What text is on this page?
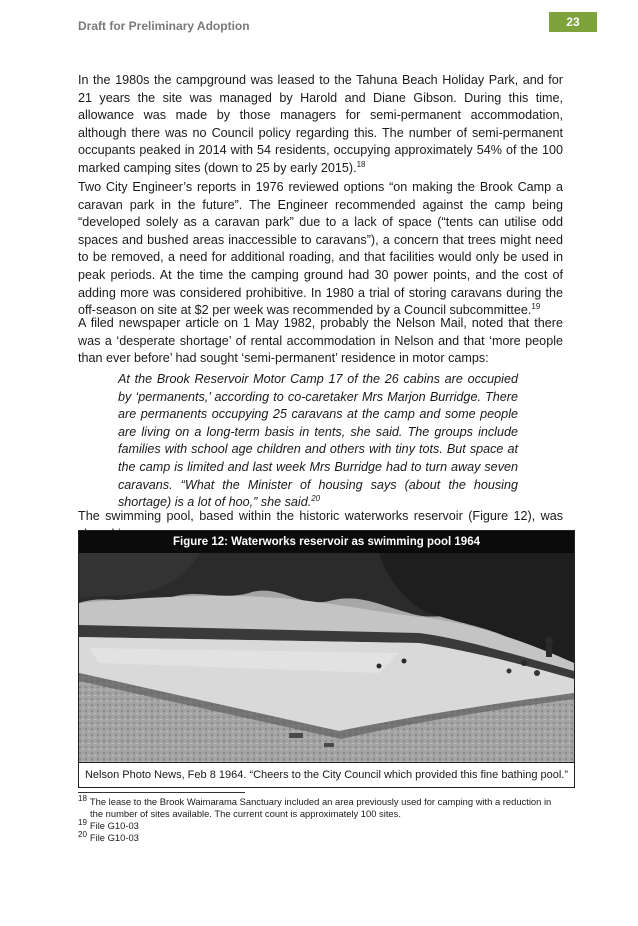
Draft for Preliminary Adoption	23

In the 1980s the campground was leased to the Tahuna Beach Holiday Park, and for 21 years the site was managed by Harold and Diane Gibson. During this time, allowance was made by those managers for semi-permanent accommodation, although there was no Council policy regarding this. The number of semi-permanent occupants peaked in 2014 with 54 residents, occupying approximately 54% of the 100 marked camping sites (down to 25 by early 2015).$^{18}$

Two City Engineer’s reports in 1976 reviewed options “on making the Brook Camp a caravan park in the future”. The Engineer recommended against the camp being “developed solely as a caravan park” due to a lack of space (“tents can utilise odd spaces and bushed areas inaccessible to caravans”), a concern that trees might need to be removed, a need for additional roading, and that facilities would only be used in peak periods. At the time the camping ground had 30 power points, and the cost of adding more was considered prohibitive. In 1980 a trial of storing caravans during the off-season on site at $2 per week was recommended by a Council subcommittee.$^{19}$

A filed newspaper article on 1 May 1982, probably the Nelson Mail, noted that there was a ‘desperate shortage’ of rental accommodation in Nelson and that ‘more people than ever before’ had sought ‘semi-permanent’ residence in motor camps:

At the Brook Reservoir Motor Camp 17 of the 26 cabins are occupied by ‘permanents,’ according to co-caretaker Mrs Marjon Burridge. There are permanents occupying 25 caravans at the camp and some people are living on a long-term basis in tents, she said. The groups include families with school age children and others with tiny tots. But space at the camp is limited and last week Mrs Burridge had to turn away seven caravans. “What the Minister of housing says (about the housing shortage) is a lot of hoo,” she said.$^{20}$

The swimming pool, based within the historic waterworks reservoir (Figure 12), was

Figure 12: Waterworks reservoir as swimming pool 1964
Nelson Photo News, Feb 8 1964. “Cheers to the City Council which provided this fine bathing pool.”

$^{18}$ The lease to the Brook Waimarama Sanctuary included an area previously used for camping with a reduction in

the number of sites available. The current count is approximately 100 sites.

$^{19}$ File G10-03

$^{20}$ File G10-03
